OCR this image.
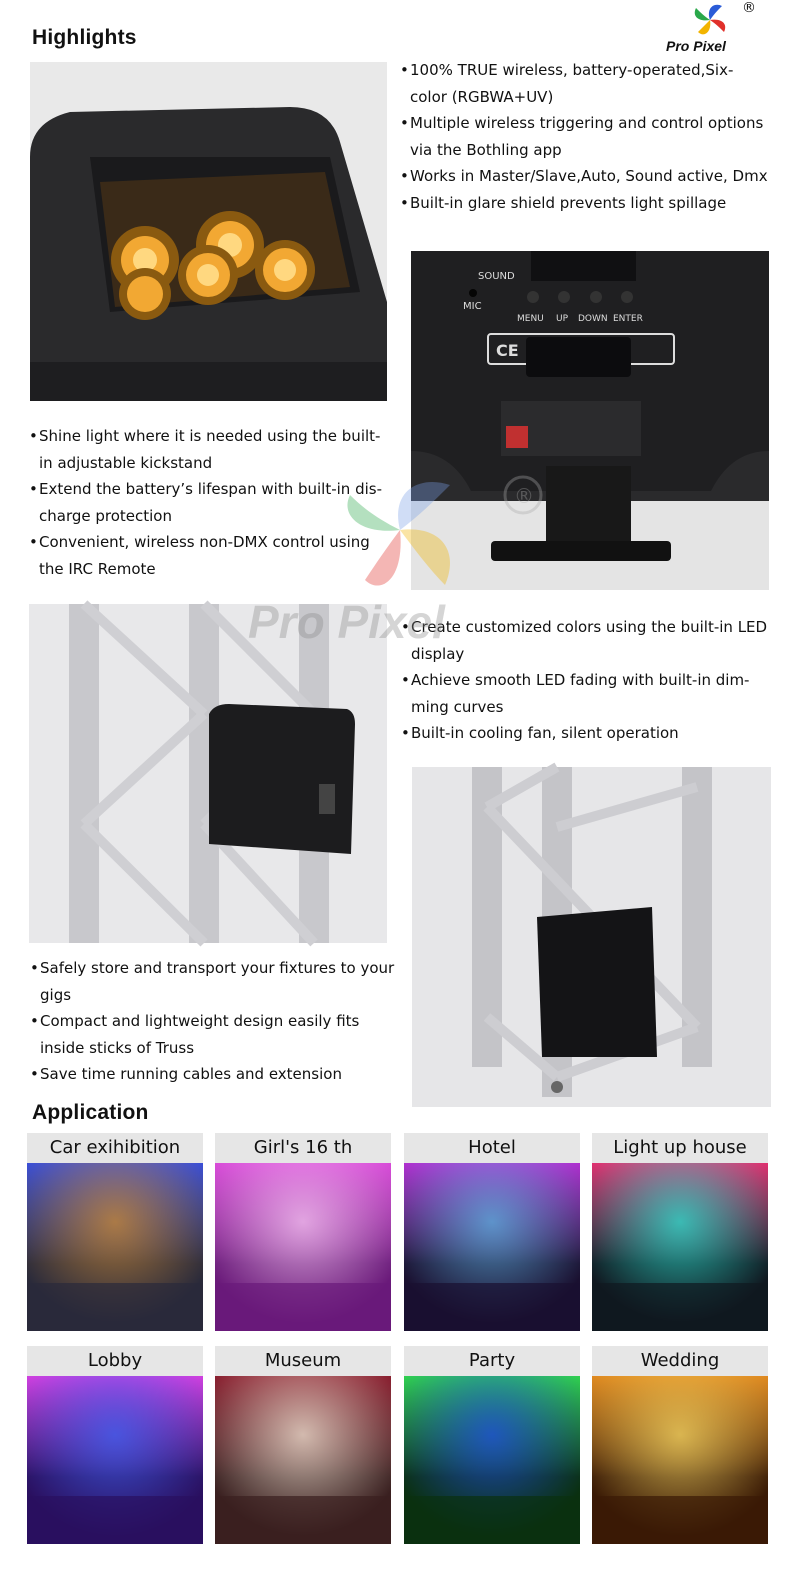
Highlights
®
Pro Pixel
• 100% TRUE wireless, battery-operated,Six-color (RGBWA+UV)
• Multiple wireless triggering and control options via the Bothling app
• Works in Master/Slave,Auto, Sound active, Dmx
• Built-in glare shield prevents light spillage
SOUND
MIC
MENU UP DOWN ENTER
CE
• Shine light where it is needed using the built-in adjustable kickstand
• Extend the battery’s lifespan with built-in dis-charge protection
• Convenient, wireless non-DMX control using the IRC Remote
• Create customized colors using the built-in LED display
• Achieve smooth LED fading with built-in dim-ming curves
• Built-in cooling fan, silent operation
• Safely store and transport your fixtures to your gigs
• Compact and lightweight design easily fits inside sticks of Truss
• Save time running cables and extension
Application
Car exihibition	Girl's 16 th	Hotel	Light up house
Lobby	Museum	Party	Wedding
®
Pro Pixel
